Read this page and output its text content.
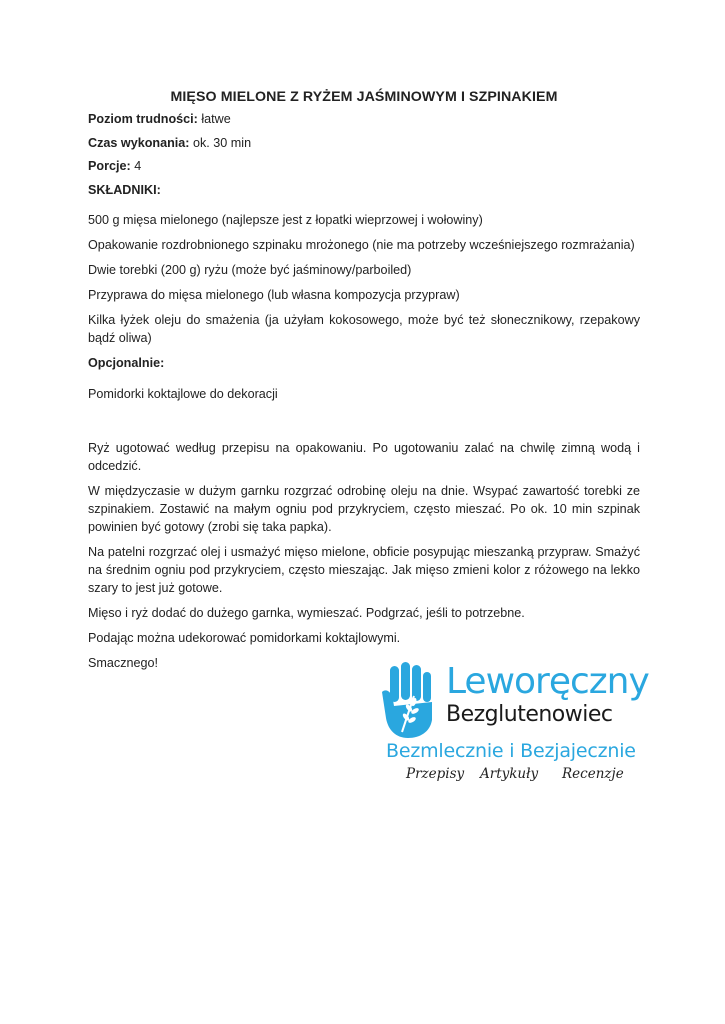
MIĘSO MIELONE Z RYŻEM JAŚMINOWYM I SZPINAKIEM

Poziom trudności: łatwe

Czas wykonania: ok. 30 min

Porcje: 4

SKŁADNIKI:

500 g mięsa mielonego (najlepsze jest z łopatki wieprzowej i wołowiny)
Opakowanie rozdrobnionego szpinaku mrożonego (nie ma potrzeby wcześniejszego rozmrażania)
Dwie torebki (200 g) ryżu (może być jaśminowy/parboiled)
Przyprawa do mięsa mielonego (lub własna kompozycja przypraw)
Kilka łyżek oleju do smażenia (ja użyłam kokosowego, może być też słonecznikowy, rzepakowy bądź oliwa)

Opcjonalnie:

Pomidorki koktajlowe do dekoracji

Ryż ugotować według przepisu na opakowaniu. Po ugotowaniu zalać na chwilę zimną wodą i odcedzić.
W międzyczasie w dużym garnku rozgrzać odrobinę oleju na dnie. Wsypać zawartość torebki ze szpinakiem. Zostawić na małym ogniu pod przykryciem, często mieszać. Po ok. 10 min szpinak powinien być gotowy (zrobi się taka papka).
Na patelni rozgrzać olej i usmażyć mięso mielone, obficie posypując mieszanką przypraw. Smażyć na średnim ogniu pod przykryciem, często mieszając. Jak mięso zmieni kolor z różowego na lekko szary to jest już gotowe.
Mięso i ryż dodać do dużego garnka, wymieszać. Podgrzać, jeśli to potrzebne.
Podając można udekorować pomidorkami koktajlowymi.
Smacznego!	Leworęczny

Bezglutenowiec

Bezmlecznie i Bezjajecznie

Przepisy Artykuły Recenzje
